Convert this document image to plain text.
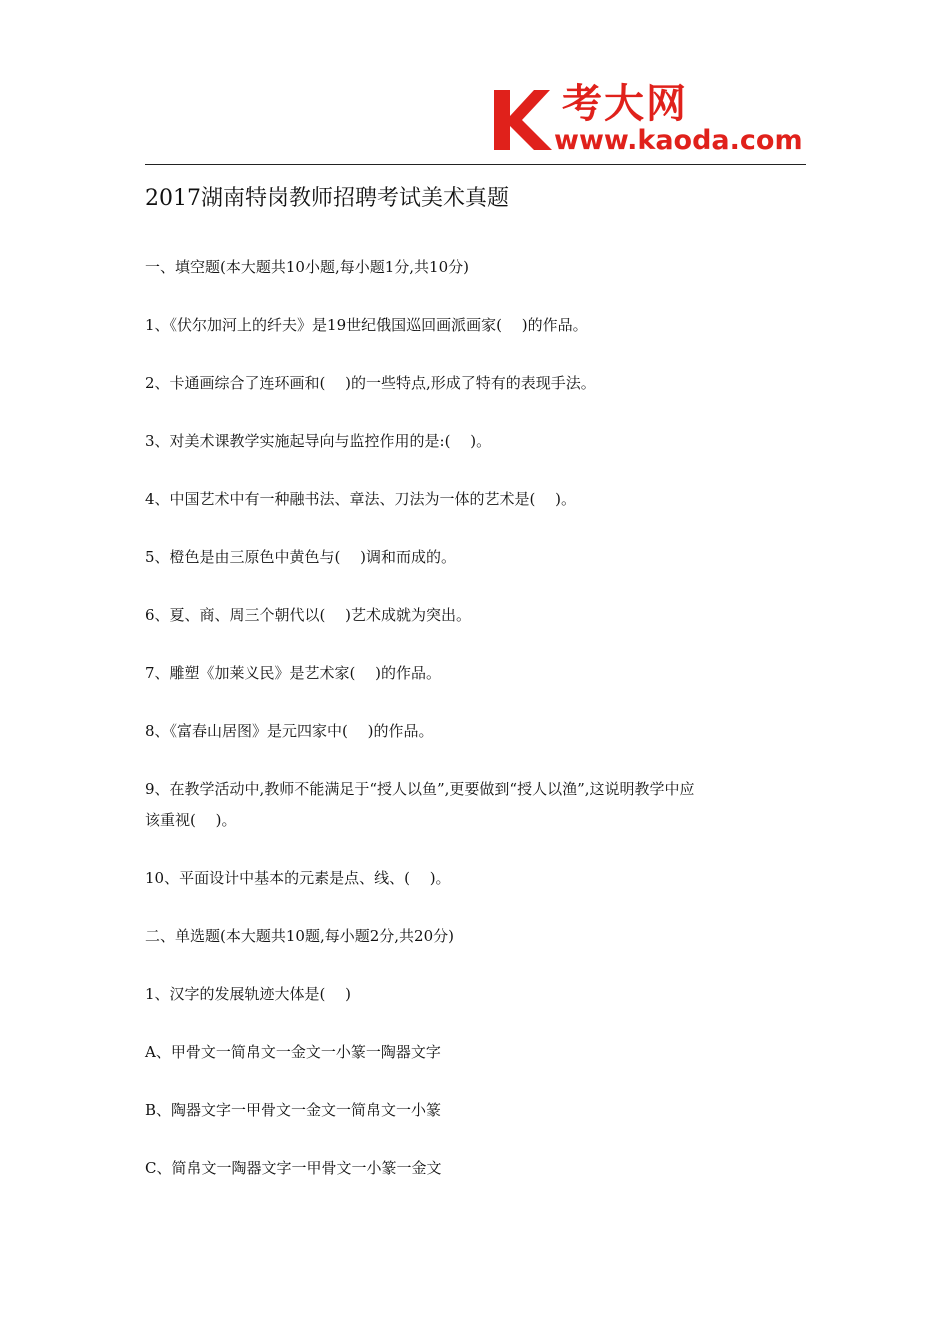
考大网
www.kaoda.com
2017湖南特岗教师招聘考试美术真题
一、填空题(本大题共10小题,每小题1分,共10分)
1、《伏尔加河上的纤夫》是19世纪俄国巡回画派画家(　 )的作品。
2、卡通画综合了连环画和(　 )的一些特点,形成了特有的表现手法。
3、对美术课教学实施起导向与监控作用的是:(　 )。
4、中国艺术中有一种融书法、章法、刀法为一体的艺术是(　 )。
5、橙色是由三原色中黄色与(　 )调和而成的。
6、夏、商、周三个朝代以(　 )艺术成就为突出。
7、雕塑《加莱义民》是艺术家(　 )的作品。
8、《富春山居图》是元四家中(　 )的作品。
9、在教学活动中,教师不能满足于“授人以鱼”,更要做到“授人以渔”,这说明教学中应
该重视(　 )。
10、平面设计中基本的元素是点、线、(　 )。
二、单选题(本大题共10题,每小题2分,共20分)
1、汉字的发展轨迹大体是(　 )
A、甲骨文一简帛文一金文一小篆一陶器文字
B、陶器文字一甲骨文一金文一简帛文一小篆
C、简帛文一陶器文字一甲骨文一小篆一金文
